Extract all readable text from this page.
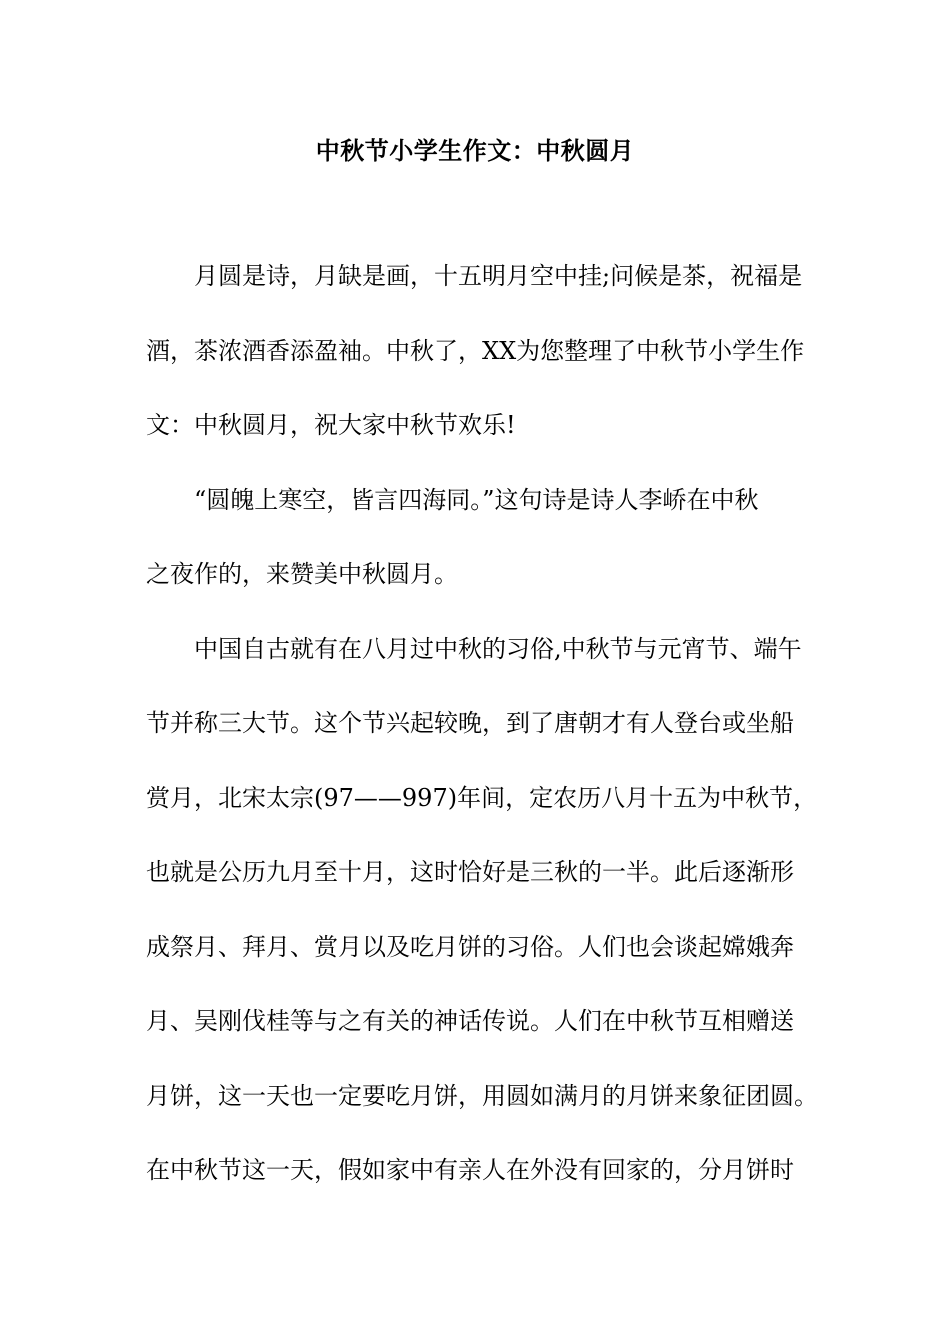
中秋节小学生作文：中秋圆月
　　月圆是诗，月缺是画，十五明月空中挂;问候是茶，祝福是
酒，茶浓酒香添盈袖。中秋了，XX为您整理了中秋节小学生作
文：中秋圆月，祝大家中秋节欢乐!
　　“圆魄上寒空，皆言四海同。”这句诗是诗人李峤在中秋
之夜作的，来赞美中秋圆月。
　　中国自古就有在八月过中秋的习俗,中秋节与元宵节、端午
节并称三大节。这个节兴起较晚，到了唐朝才有人登台或坐船
赏月，北宋太宗(97——997)年间，定农历八月十五为中秋节，
也就是公历九月至十月，这时恰好是三秋的一半。此后逐渐形
成祭月、拜月、赏月以及吃月饼的习俗。人们也会谈起嫦娥奔
月、吴刚伐桂等与之有关的神话传说。人们在中秋节互相赠送
月饼，这一天也一定要吃月饼，用圆如满月的月饼来象征团圆。
在中秋节这一天，假如家中有亲人在外没有回家的，分月饼时
